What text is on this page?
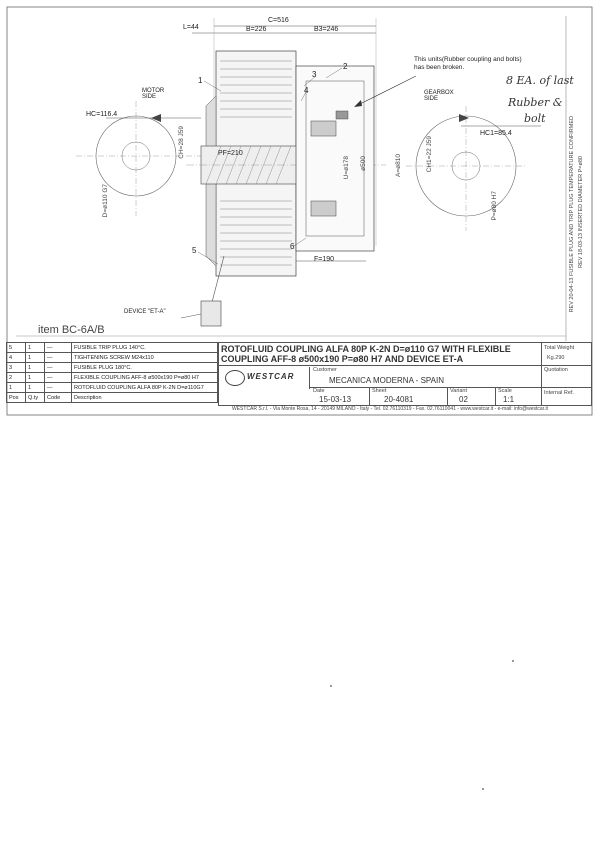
C=516
L=44	B=226	B3=246
HC=116.4
CH=28 J59	PF=210
D=ø110 G7
U=ø178	A=ø810
ø500
F=190
CH1=22 J59
HC1=85.4
P=ø80 H7
MOTOR SIDE
GEARBOX SIDE
DEVICE "ET-A"
1
2
3
4
5	6
This units(Rubber coupling and bolts) has been broken.
8 EA. of last
Rubber &
bolt	REV 20-04-13 FUSIBLE PLUG AND TRIP PLUG TEMPERATURE CONFIRMED REV 18-03-13 INSERTED DIAMETER P=ø80
item BC-6A/B
5	1	—	FUSIBLE TRIP PLUG 140°C.
4	1	—	TIGHTENING SCREW M24x110
3	1	—	FUSIBLE PLUG 180°C.
2	1	—	FLEXIBLE COUPLING AFF-8 ø500x190 P=ø80 H7
1	1	—	ROTOFLUID COUPLING ALFA 80P K-2N D=ø110G7
Pos	Q.ty	Code	Description
ROTOFLUID COUPLING ALFA 80P K-2N D=ø110 G7 WITH FLEXIBLE COUPLING AFF-8 ø500x190 P=ø80 H7 AND DEVICE ET-A
Total Weight
Kg.290
WESTCAR
Customer
MECANICA MODERNA - SPAIN
Quotation
Date
15-03-13
Sheet
20-4081
Variant
02
Scale
1:1
Internal Ref.
WESTCAR S.r.l. - Via Monte Rosa, 14 - 20149 MILANO - Italy - Tel. 02.76110319 - Fax. 02.76110041 - www.westcar.it - e-mail: info@westcar.it
